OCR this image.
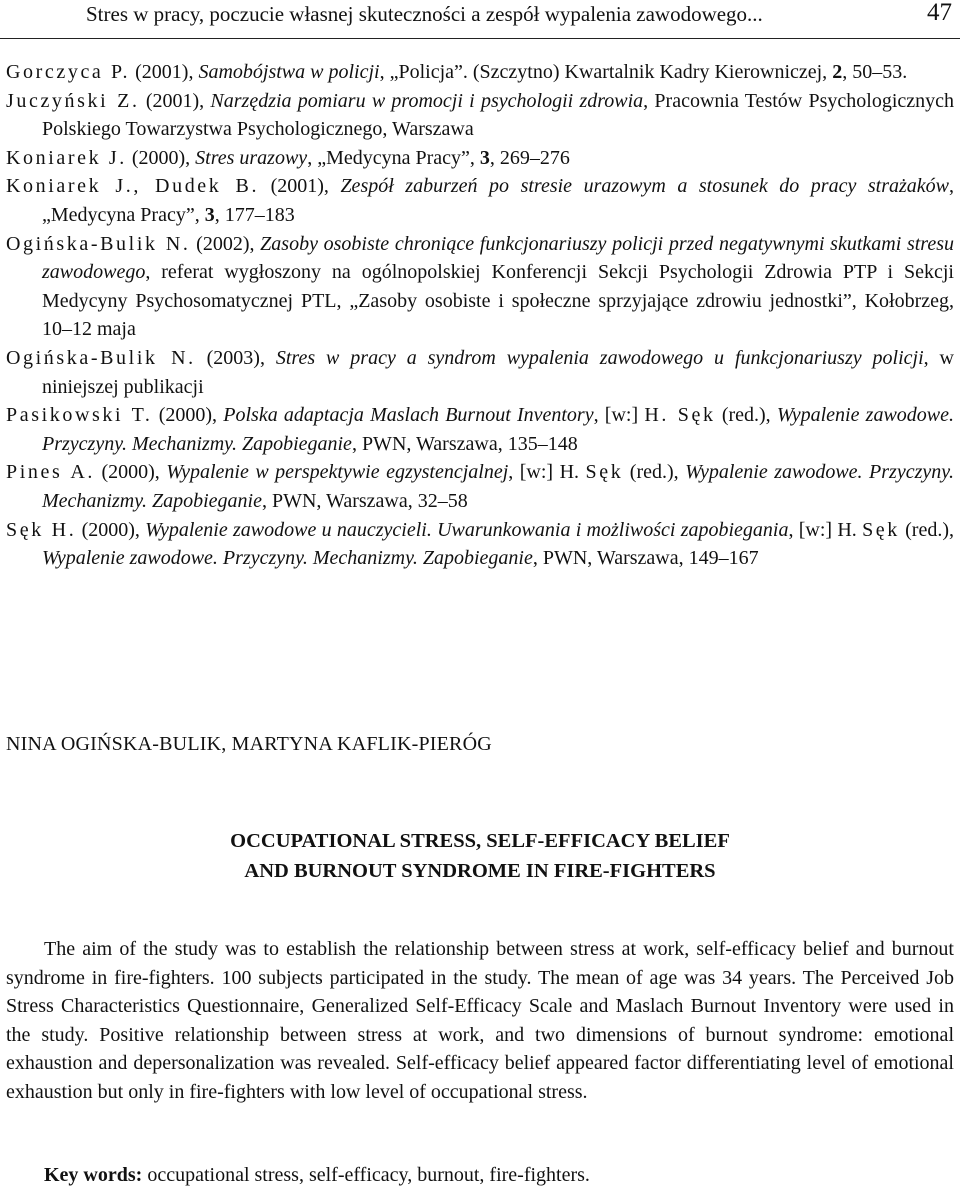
Stres w pracy, poczucie własnej skuteczności a zespół wypalenia zawodowego...	47

Gorczyca P. (2001), Samobójstwa w policji, „Policja”. (Szczytno) Kwartalnik Kadry Kierowniczej, 2, 50–53.

Juczyński Z. (2001), Narzędzia pomiaru w promocji i psychologii zdrowia, Pracownia Testów Psychologicznych Polskiego Towarzystwa Psychologicznego, Warszawa

Koniarek J. (2000), Stres urazowy, „Medycyna Pracy”, 3, 269–276

Koniarek J., Dudek B. (2001), Zespół zaburzeń po stresie urazowym a stosunek do pracy strażaków, „Medycyna Pracy”, 3, 177–183

Ogińska-Bulik N. (2002), Zasoby osobiste chroniące funkcjonariuszy policji przed negatywnymi skutkami stresu zawodowego, referat wygłoszony na ogólnopolskiej Konferencji Sekcji Psychologii Zdrowia PTP i Sekcji Medycyny Psychosomatycznej PTL, „Zasoby osobiste i społeczne sprzyjające zdrowiu jednostki”, Kołobrzeg, 10–12 maja

Ogińska-Bulik N. (2003), Stres w pracy a syndrom wypalenia zawodowego u funkcjonariuszy policji, w niniejszej publikacji

Pasikowski T. (2000), Polska adaptacja Maslach Burnout Inventory, [w:] H. Sęk (red.), Wypalenie zawodowe. Przyczyny. Mechanizmy. Zapobieganie, PWN, Warszawa, 135–148

Pines A. (2000), Wypalenie w perspektywie egzystencjalnej, [w:] H. Sęk (red.), Wypalenie zawodowe. Przyczyny. Mechanizmy. Zapobieganie, PWN, Warszawa, 32–58

Sęk H. (2000), Wypalenie zawodowe u nauczycieli. Uwarunkowania i możliwości zapobiegania, [w:] H. Sęk (red.), Wypalenie zawodowe. Przyczyny. Mechanizmy. Zapobieganie, PWN, Warszawa, 149–167

NINA OGIŃSKA-BULIK, MARTYNA KAFLIK-PIERÓG
OCCUPATIONAL STRESS, SELF-EFFICACY BELIEF
AND BURNOUT SYNDROME IN FIRE-FIGHTERS

The aim of the study was to establish the relationship between stress at work, self-efficacy belief and burnout syndrome in fire-fighters. 100 subjects participated in the study. The mean of age was 34 years. The Perceived Job Stress Characteristics Questionnaire, Generalized Self-Efficacy Scale and Maslach Burnout Inventory were used in the study. Positive relationship between stress at work, and two dimensions of burnout syndrome: emotional exhaustion and depersonalization was revealed. Self-efficacy belief appeared factor differentiating level of emotional exhaustion but only in fire-fighters with low level of occupational stress.

Key words: occupational stress, self-efficacy, burnout, fire-fighters.
